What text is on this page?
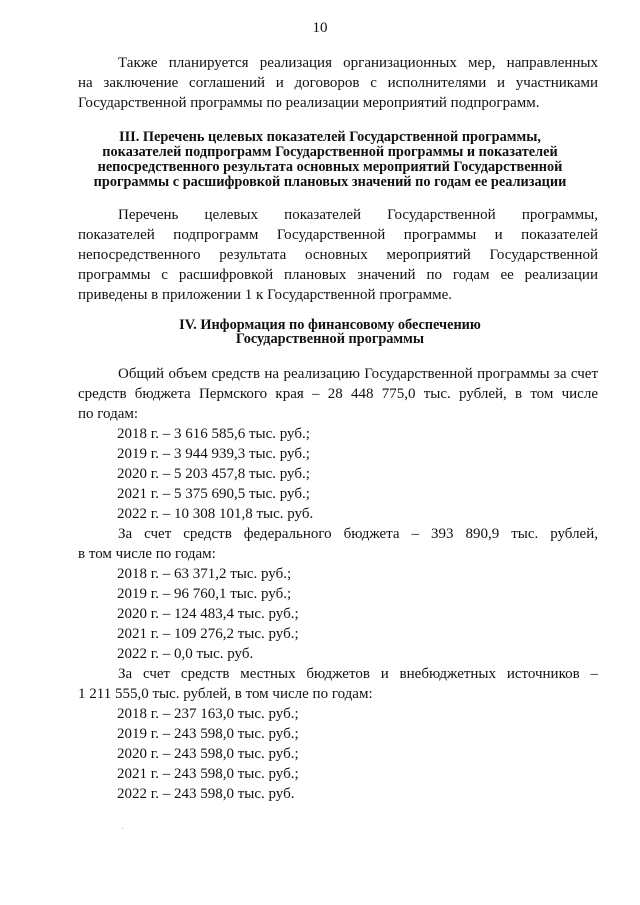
10
Также планируется реализация организационных мер, направленных
на заключение соглашений и договоров с исполнителями и участниками
Государственной программы по реализации мероприятий подпрограмм.
III. Перечень целевых показателей Государственной программы,
показателей подпрограмм Государственной программы и показателей
непосредственного результата основных мероприятий Государственной
программы с расшифровкой плановых значений по годам ее реализации
Перечень целевых показателей Государственной программы,
показателей подпрограмм Государственной программы и показателей
непосредственного результата основных мероприятий Государственной
программы с расшифровкой плановых значений по годам ее реализации
приведены в приложении 1 к Государственной программе.
IV. Информация по финансовому обеспечению
Государственной программы
Общий объем средств на реализацию Государственной программы за счет
средств бюджета Пермского края – 28 448 775,0 тыс. рублей, в том числе
по годам:
2018 г. – 3 616 585,6 тыс. руб.;
2019 г. – 3 944 939,3 тыс. руб.;
2020 г. – 5 203 457,8 тыс. руб.;
2021 г. – 5 375 690,5 тыс. руб.;
2022 г. – 10 308 101,8 тыс. руб.
За счет средств федерального бюджета – 393 890,9 тыс. рублей,
в том числе по годам:
2018 г. – 63 371,2 тыс. руб.;
2019 г. – 96 760,1 тыс. руб.;
2020 г. – 124 483,4 тыс. руб.;
2021 г. – 109 276,2 тыс. руб.;
2022 г. – 0,0 тыс. руб.
За счет средств местных бюджетов и внебюджетных источников –
1 211 555,0 тыс. рублей, в том числе по годам:
2018 г. – 237 163,0 тыс. руб.;
2019 г. – 243 598,0 тыс. руб.;
2020 г. – 243 598,0 тыс. руб.;
2021 г. – 243 598,0 тыс. руб.;
2022 г. – 243 598,0 тыс. руб.
